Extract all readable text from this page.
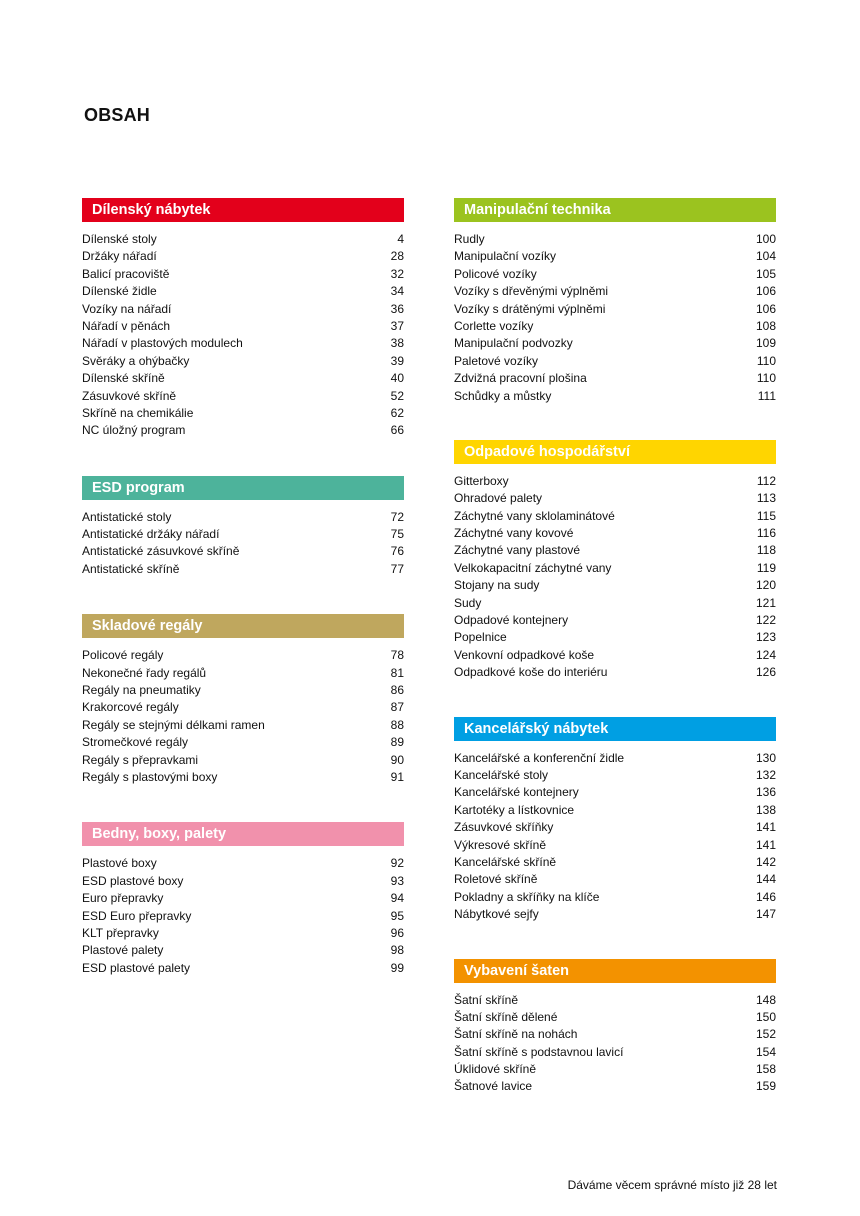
OBSAH
Dílenský nábytek
Dílenské stoly	4
Držáky nářadí	28
Balicí pracoviště	32
Dílenské židle	34
Vozíky na nářadí	36
Nářadí v pěnách	37
Nářadí v plastových modulech	38
Svěráky a ohýbačky	39
Dílenské skříně	40
Zásuvkové skříně	52
Skříně na chemikálie	62
NC úložný program	66
ESD program
Antistatické stoly	72
Antistatické držáky nářadí	75
Antistatické zásuvkové skříně	76
Antistatické skříně	77
Skladové regály
Policové regály	78
Nekonečné řady regálů	81
Regály na pneumatiky	86
Krakorcové regály	87
Regály se stejnými délkami ramen	88
Stromečkové regály	89
Regály s přepravkami	90
Regály s plastovými boxy	91
Bedny, boxy, palety
Plastové boxy	92
ESD plastové boxy	93
Euro přepravky	94
ESD Euro přepravky	95
KLT přepravky	96
Plastové palety	98
ESD plastové palety	99
Manipulační technika
Rudly	100
Manipulační vozíky	104
Policové vozíky	105
Vozíky s dřevěnými výplněmi	106
Vozíky s drátěnými výplněmi	106
Corlette vozíky	108
Manipulační podvozky	109
Paletové vozíky	110
Zdvižná pracovní plošina	110
Schůdky a můstky	111
Odpadové hospodářství
Gitterboxy	112
Ohradové palety	113
Záchytné vany sklolaminátové	115
Záchytné vany kovové	116
Záchytné vany plastové	118
Velkokapacitní záchytné vany	119
Stojany na sudy	120
Sudy	121
Odpadové kontejnery	122
Popelnice	123
Venkovní odpadkové koše	124
Odpadkové koše do interiéru	126
Kancelářský nábytek
Kancelářské a konferenční židle	130
Kancelářské stoly	132
Kancelářské kontejnery	136
Kartotéky a lístkovnice	138
Zásuvkové skříňky	141
Výkresové skříně	141
Kancelářské skříně	142
Roletové skříně	144
Pokladny a skříňky na klíče	146
Nábytkové sejfy	147
Vybavení šaten
Šatní skříně	148
Šatní skříně dělené	150
Šatní skříně na nohách	152
Šatní skříně s podstavnou lavicí	154
Úklidové skříně	158
Šatnové lavice	159
Dáváme věcem správné místo již 28 let
